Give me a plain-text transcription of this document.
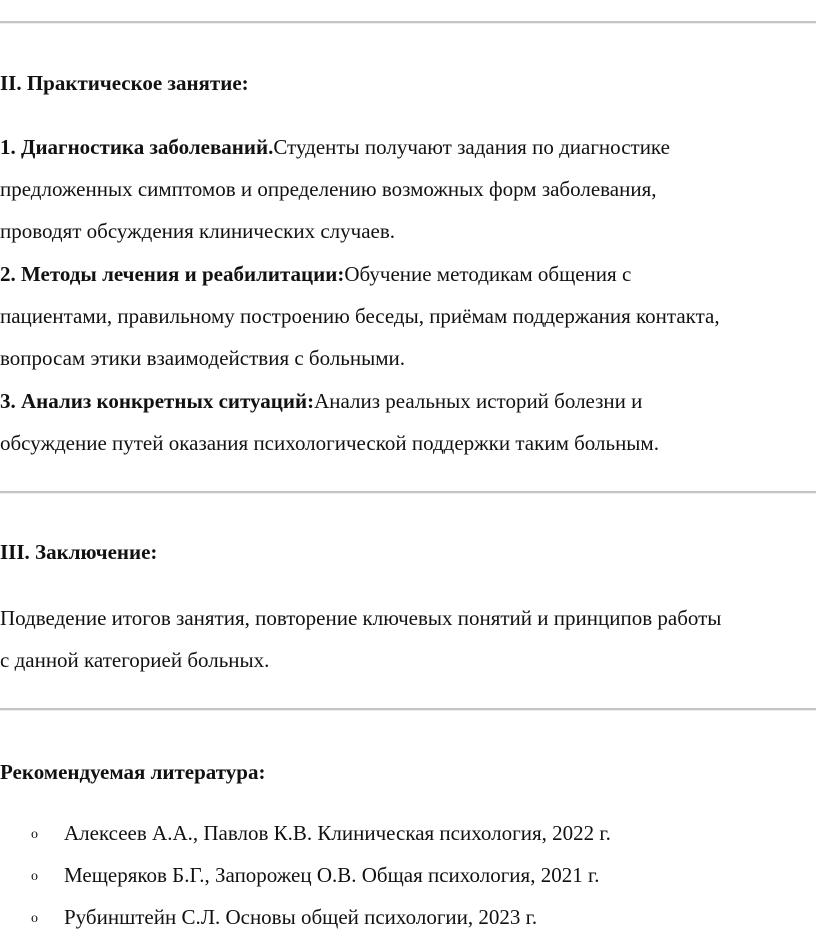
II. Практическое занятие:
1. Диагностика заболеваний.Студенты получают задания по диагностике
предложенных симптомов и определению возможных форм заболевания,
проводят обсуждения клинических случаев.
2. Методы лечения и реабилитации:Обучение методикам общения с
пациентами, правильному построению беседы, приёмам поддержания контакта,
вопросам этики взаимодействия с больными.
3. Анализ конкретных ситуаций:Анализ реальных историй болезни и
обсуждение путей оказания психологической поддержки таким больным.
III. Заключение:
Подведение итогов занятия, повторение ключевых понятий и принципов работы
с данной категорией больных.
Рекомендуемая литература:
o Алексеев А.А., Павлов К.В. Клиническая психология, 2022 г.
o Мещеряков Б.Г., Запорожец О.В. Общая психология, 2021 г.
o Рубинштейн С.Л. Основы общей психологии, 2023 г.
